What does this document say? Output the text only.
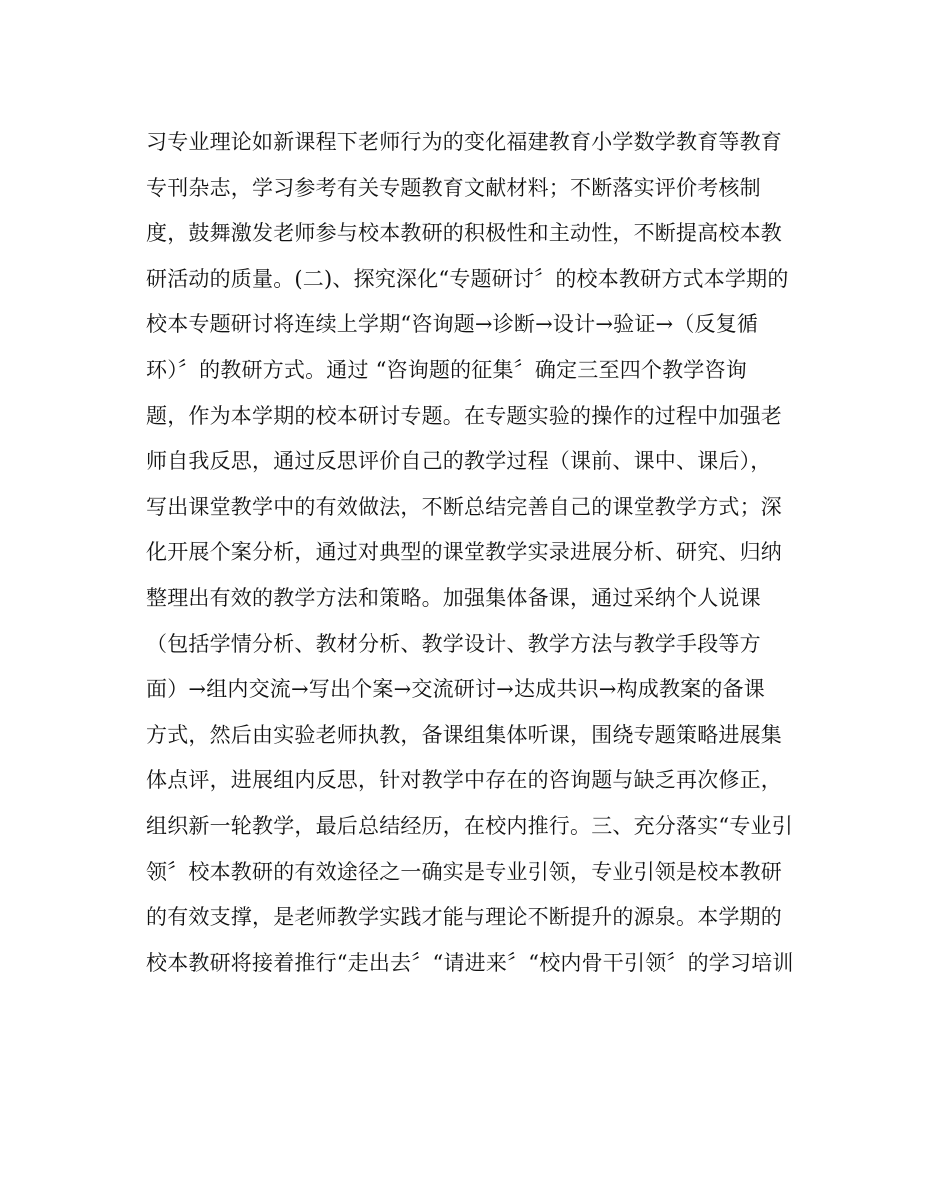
习专业理论如新课程下老师行为的变化福建教育小学数学教育等教育
专刊杂志，学习参考有关专题教育文献材料；不断落实评价考核制
度，鼓舞激发老师参与校本教研的积极性和主动性，不断提高校本教
研活动的质量。(二)、探究深化“专题研讨〞的校本教研方式本学期的
校本专题研讨将连续上学期“咨询题→诊断→设计→验证→（反复循
环）〞的教研方式。通过 “咨询题的征集〞确定三至四个教学咨询
题，作为本学期的校本研讨专题。在专题实验的操作的过程中加强老
师自我反思，通过反思评价自己的教学过程（课前、课中、课后），
写出课堂教学中的有效做法，不断总结完善自己的课堂教学方式；深
化开展个案分析，通过对典型的课堂教学实录进展分析、研究、归纳
整理出有效的教学方法和策略。加强集体备课，通过采纳个人说课
（包括学情分析、教材分析、教学设计、教学方法与教学手段等方
面）→组内交流→写出个案→交流研讨→达成共识→构成教案的备课
方式，然后由实验老师执教，备课组集体听课，围绕专题策略进展集
体点评，进展组内反思，针对教学中存在的咨询题与缺乏再次修正，
组织新一轮教学，最后总结经历，在校内推行。三、充分落实“专业引
领〞校本教研的有效途径之一确实是专业引领，专业引领是校本教研
的有效支撑，是老师教学实践才能与理论不断提升的源泉。本学期的
校本教研将接着推行“走出去〞“请进来〞“校内骨干引领〞的学习培训
